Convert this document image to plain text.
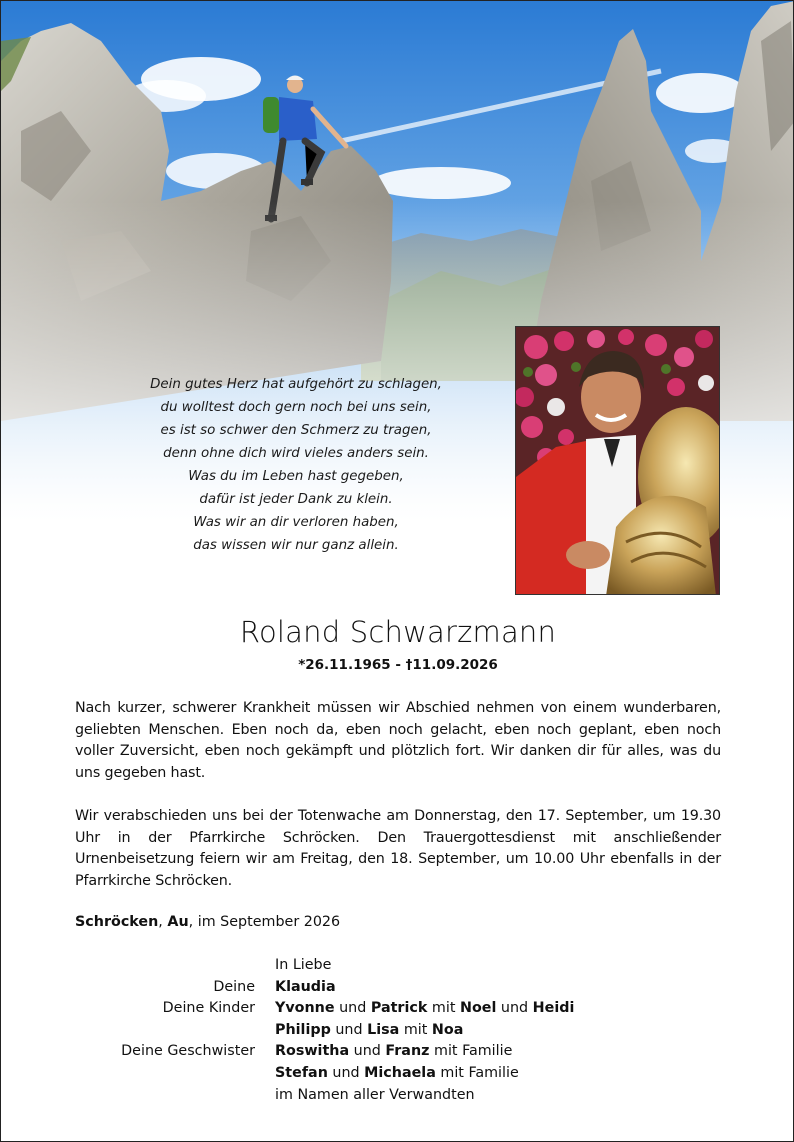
Dein gutes Herz hat aufgehört zu schlagen,
du wolltest doch gern noch bei uns sein,
es ist so schwer den Schmerz zu tragen,
denn ohne dich wird vieles anders sein.
Was du im Leben hast gegeben,
dafür ist jeder Dank zu klein.
Was wir an dir verloren haben,
das wissen wir nur ganz allein.
Roland Schwarzmann
*26.11.1965 - †11.09.2026

Nach kurzer, schwerer Krankheit müssen wir Abschied nehmen von einem wunderbaren, geliebten Menschen. Eben noch da, eben noch gelacht, eben noch geplant, eben noch voller Zuversicht, eben noch gekämpft und plötzlich fort. Wir danken dir für alles, was du uns gegeben hast.

Wir verabschieden uns bei der Totenwache am Donnerstag, den 17. September, um 19.30 Uhr in der Pfarrkirche Schröcken. Den Trauergottesdienst mit anschließender Urnenbeisetzung feiern wir am Freitag, den 18. September, um 10.00 Uhr ebenfalls in der Pfarrkirche Schröcken.

Schröcken, Au, im September 2026
In Liebe
Deine Klaudia
Deine Kinder Yvonne und Patrick mit Noel und Heidi
Philipp und Lisa mit Noa
Deine Geschwister Roswitha und Franz mit Familie
Stefan und Michaela mit Familie
im Namen aller Verwandten
